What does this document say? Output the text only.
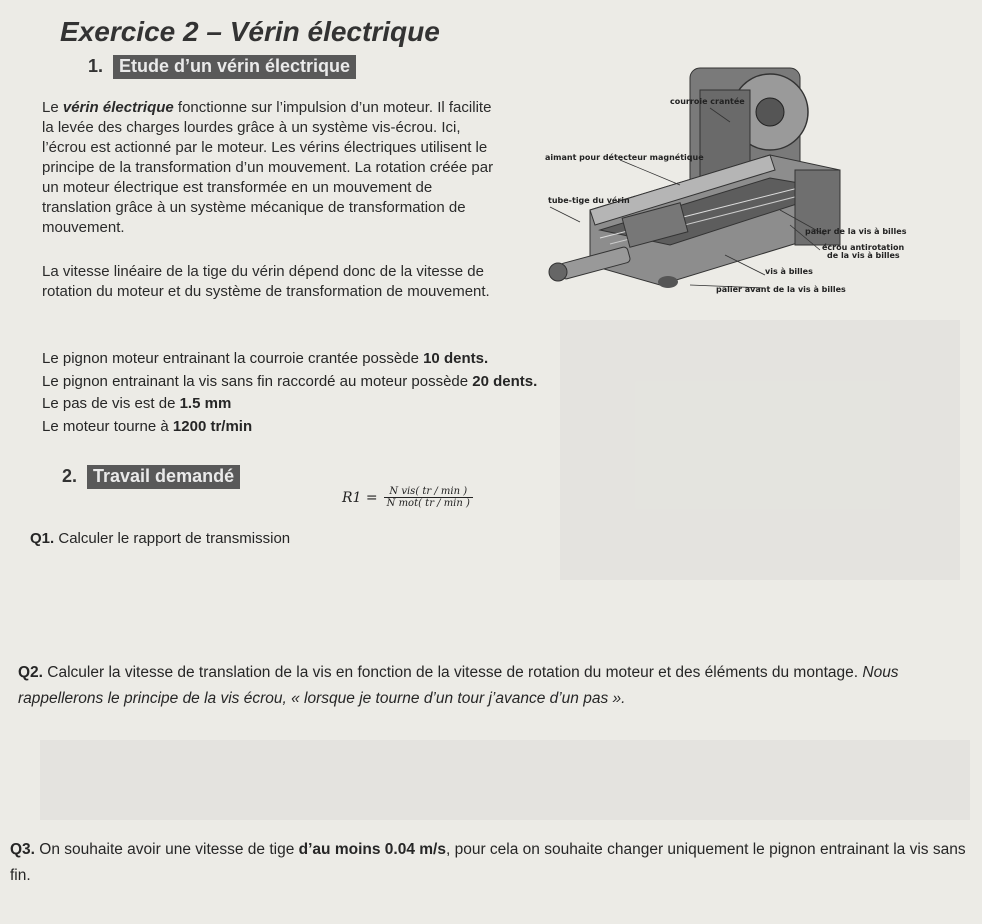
Exercice 2 – Vérin électrique
1. Etude d’un vérin électrique
Le vérin électrique fonctionne sur l’impulsion d’un moteur. Il facilite la levée des charges lourdes grâce à un système vis-écrou. Ici, l’écrou est actionné par le moteur. Les vérins électriques utilisent le principe de la transformation d’un mouvement. La rotation créée par un moteur électrique est transformée en un mouvement de translation grâce à un système mécanique de transformation de mouvement.
La vitesse linéaire de la tige du vérin dépend donc de la vitesse de rotation du moteur et du système de transformation de mouvement.
courroie crantée
aimant pour détecteur magnétique
tube-tige du vérin
palier de la vis à billes
écrou antirotation
de la vis à billes
vis à billes
palier avant de la vis à billes
Le pignon moteur entrainant la courroie crantée possède 10 dents.
Le pignon entrainant la vis sans fin raccordé au moteur possède 20 dents.
Le pas de vis est de 1.5 mm
Le moteur tourne à 1200 tr/min
2. Travail demandé
$R1 = \frac{\text{N vis( tr / min )}}{\text{N mot( tr / min )}}$
Q1. Calculer le rapport de transmission
Q2. Calculer la vitesse de translation de la vis en fonction de la vitesse de rotation du moteur et des éléments du montage. Nous rappellerons le principe de la vis écrou, « lorsque je tourne d’un tour j’avance d’un pas ».
Q3. On souhaite avoir une vitesse de tige d’au moins 0.04 m/s, pour cela on souhaite changer uniquement le pignon entrainant la vis sans fin.
